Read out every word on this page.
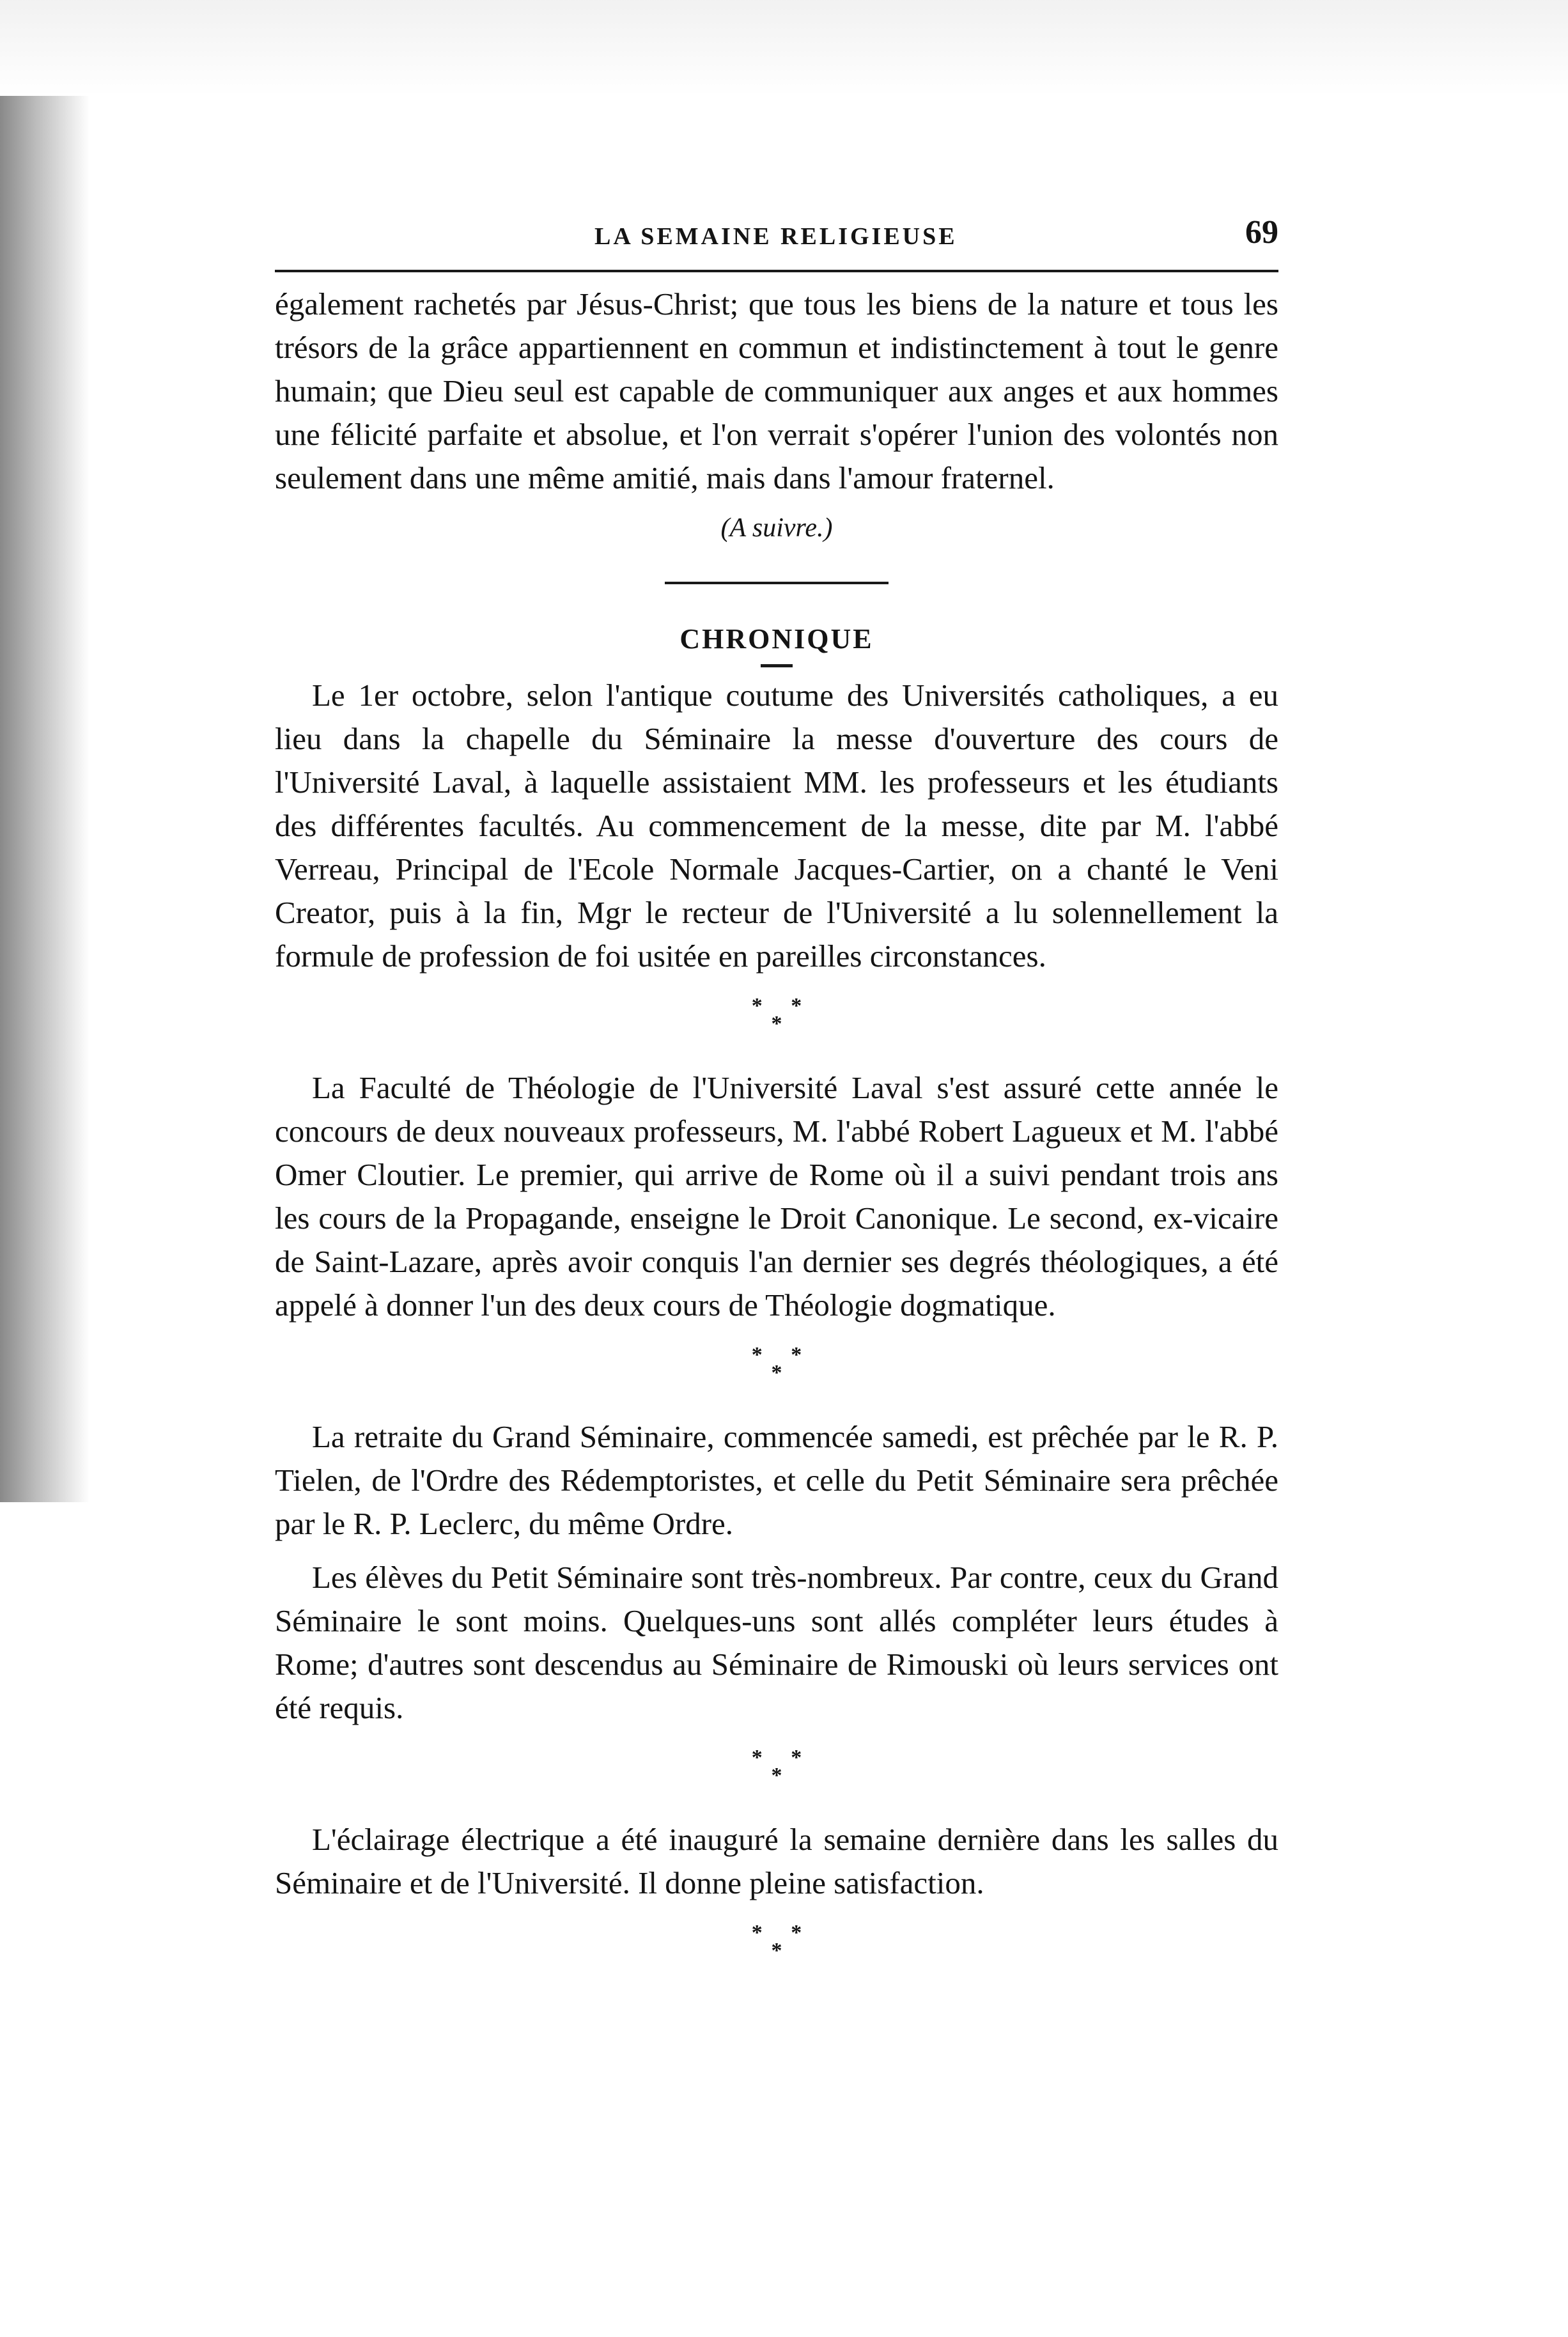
LA SEMAINE RELIGIEUSE	69

également rachetés par Jésus-Christ; que tous les biens de la nature et tous les trésors de la grâce appartiennent en commun et indistinctement à tout le genre humain; que Dieu seul est capable de communiquer aux anges et aux hommes une félicité parfaite et absolue, et l'on verrait s'opérer l'union des volontés non seulement dans une même amitié, mais dans l'amour fraternel.

(A suivre.)
CHRONIQUE

Le 1er octobre, selon l'antique coutume des Universités catholiques, a eu lieu dans la chapelle du Séminaire la messe d'ouverture des cours de l'Université Laval, à laquelle assistaient MM. les professeurs et les étudiants des différentes facultés. Au commencement de la messe, dite par M. l'abbé Verreau, Principal de l'Ecole Normale Jacques-Cartier, on a chanté le Veni Creator, puis à la fin, Mgr le recteur de l'Université a lu solennellement la formule de profession de foi usitée en pareilles circonstances.

* *
*

La Faculté de Théologie de l'Université Laval s'est assuré cette année le concours de deux nouveaux professeurs, M. l'abbé Robert Lagueux et M. l'abbé Omer Cloutier. Le premier, qui arrive de Rome où il a suivi pendant trois ans les cours de la Propagande, enseigne le Droit Canonique. Le second, ex-vicaire de Saint-Lazare, après avoir conquis l'an dernier ses degrés théologiques, a été appelé à donner l'un des deux cours de Théologie dogmatique.

* *
*

La retraite du Grand Séminaire, commencée samedi, est prêchée par le R. P. Tielen, de l'Ordre des Rédemptoristes, et celle du Petit Séminaire sera prêchée par le R. P. Leclerc, du même Ordre.

Les élèves du Petit Séminaire sont très-nombreux. Par contre, ceux du Grand Séminaire le sont moins. Quelques-uns sont allés compléter leurs études à Rome; d'autres sont descendus au Séminaire de Rimouski où leurs services ont été requis.

* *
*

L'éclairage électrique a été inauguré la semaine dernière dans les salles du Séminaire et de l'Université. Il donne pleine satisfaction.

* *
*
